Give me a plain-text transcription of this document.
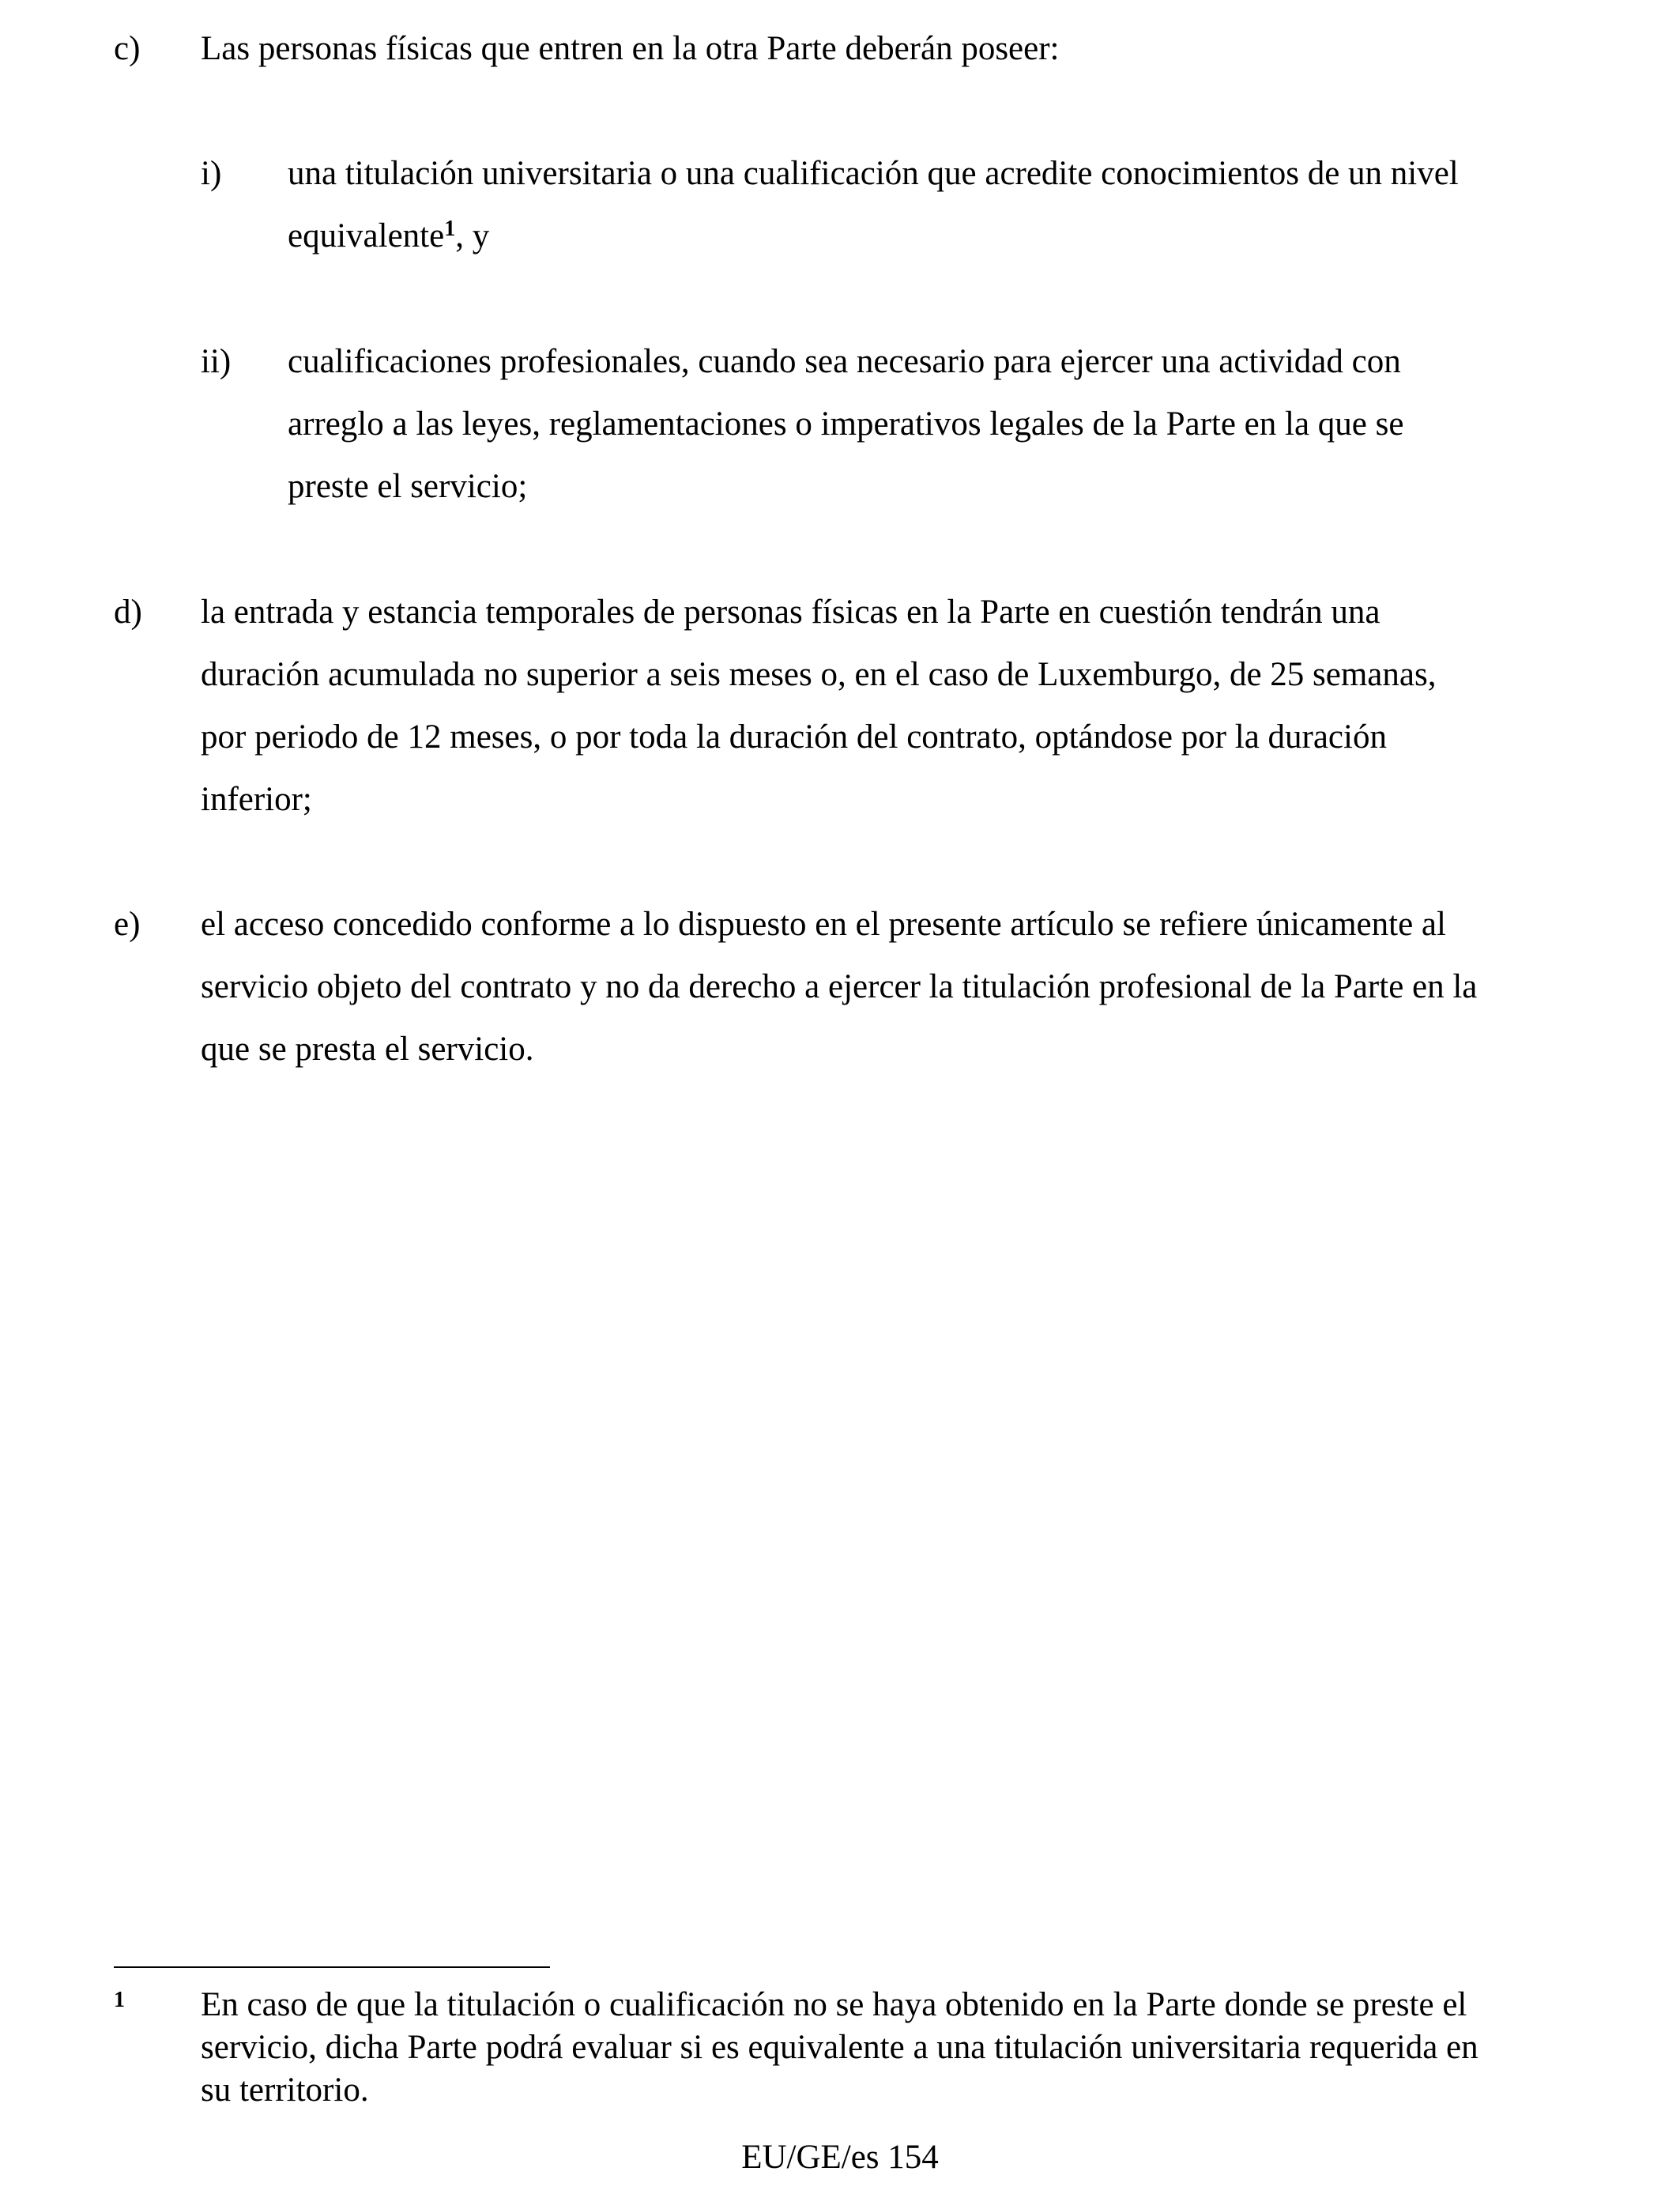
c) Las personas físicas que entren en la otra Parte deberán poseer:
i) una titulación universitaria o una cualificación que acredite conocimientos de un nivel
equivalente$^1$, y
ii) cualificaciones profesionales, cuando sea necesario para ejercer una actividad con
arreglo a las leyes, reglamentaciones o imperativos legales de la Parte en la que se
preste el servicio;
d) la entrada y estancia temporales de personas físicas en la Parte en cuestión tendrán una
duración acumulada no superior a seis meses o, en el caso de Luxemburgo, de 25 semanas,
por periodo de 12 meses, o por toda la duración del contrato, optándose por la duración
inferior;
e) el acceso concedido conforme a lo dispuesto en el presente artículo se refiere únicamente al
servicio objeto del contrato y no da derecho a ejercer la titulación profesional de la Parte en la
que se presta el servicio.
1 En caso de que la titulación o cualificación no se haya obtenido en la Parte donde se preste el
servicio, dicha Parte podrá evaluar si es equivalente a una titulación universitaria requerida en
su territorio.
EU/GE/es 154
